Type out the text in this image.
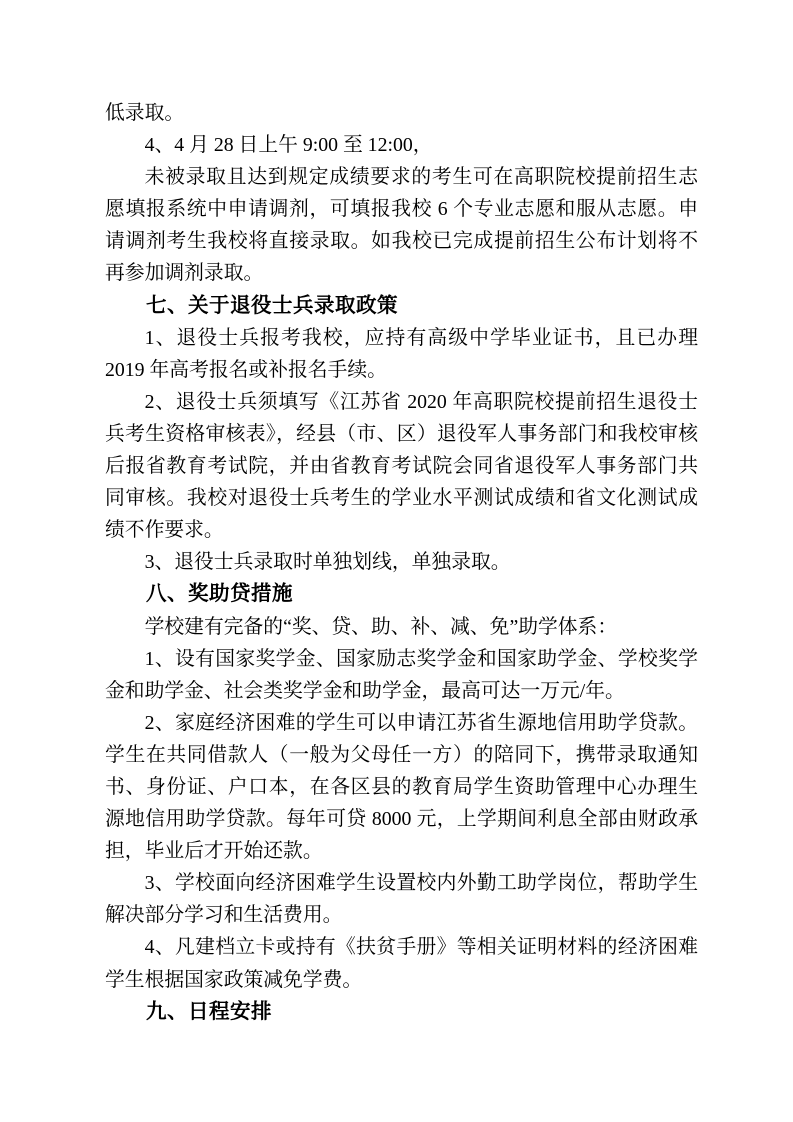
低录取。

4、4 月 28 日上午 9:00 至 12:00，

未被录取且达到规定成绩要求的考生可在高职院校提前招生志愿填报系统中申请调剂，可填报我校 6 个专业志愿和服从志愿。申请调剂考生我校将直接录取。如我校已完成提前招生公布计划将不再参加调剂录取。

七、关于退役士兵录取政策

1、退役士兵报考我校，应持有高级中学毕业证书，且已办理 2019 年高考报名或补报名手续。

2、退役士兵须填写《江苏省 2020 年高职院校提前招生退役士兵考生资格审核表》，经县（市、区）退役军人事务部门和我校审核后报省教育考试院，并由省教育考试院会同省退役军人事务部门共同审核。我校对退役士兵考生的学业水平测试成绩和省文化测试成绩不作要求。

3、退役士兵录取时单独划线，单独录取。

八、奖助贷措施

学校建有完备的“奖、贷、助、补、减、免”助学体系：

1、设有国家奖学金、国家励志奖学金和国家助学金、学校奖学金和助学金、社会类奖学金和助学金，最高可达一万元/年。

2、家庭经济困难的学生可以申请江苏省生源地信用助学贷款。学生在共同借款人（一般为父母任一方）的陪同下，携带录取通知书、身份证、户口本，在各区县的教育局学生资助管理中心办理生源地信用助学贷款。每年可贷 8000 元，上学期间利息全部由财政承担，毕业后才开始还款。

3、学校面向经济困难学生设置校内外勤工助学岗位，帮助学生解决部分学习和生活费用。

4、凡建档立卡或持有《扶贫手册》等相关证明材料的经济困难学生根据国家政策减免学费。

九、日程安排
